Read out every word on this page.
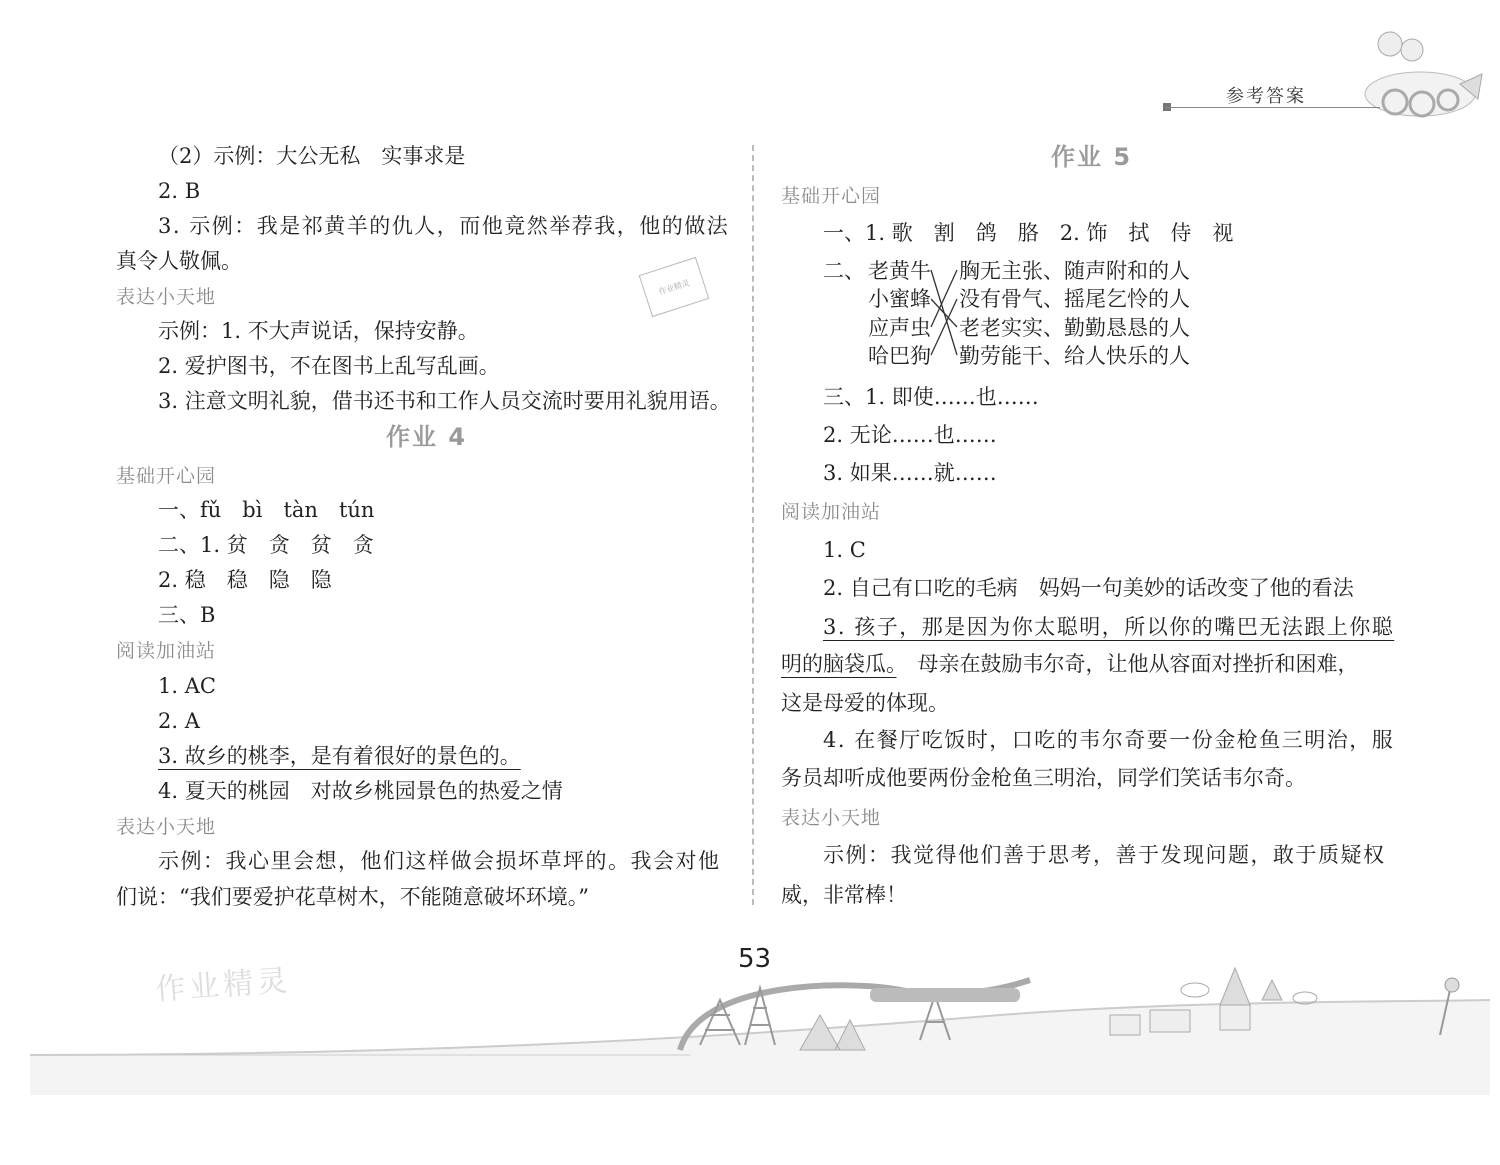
参考答案
作业精灵
（2）示例：大公无私　实事求是
2. B
3. 示例：我是祁黄羊的仇人，而他竟然举荐我，他的做法
真令人敬佩。
表达小天地
示例：1. 不大声说话，保持安静。
2. 爱护图书，不在图书上乱写乱画。
3. 注意文明礼貌，借书还书和工作人员交流时要用礼貌用语。
作业 4
基础开心园
一、fǔ　bì　tàn　tún
二、1. 贫　贪　贫　贪
2. 稳　稳　隐　隐
三、B
阅读加油站
1. AC
2. A
3. 故乡的桃李，是有着很好的景色的。
4. 夏天的桃园　对故乡桃园景色的热爱之情
表达小天地
示例：我心里会想，他们这样做会损坏草坪的。我会对他
们说：“我们要爱护花草树木，不能随意破坏环境。”
作业 5
基础开心园
一、1. 歌　割　鸽　胳　2. 饰　拭　侍　视
二、 老黄牛
小蜜蜂
应声虫
哈巴狗
胸无主张、随声附和的人
没有骨气、摇尾乞怜的人
老老实实、勤勤恳恳的人
勤劳能干、给人快乐的人
三、1. 即使……也……
2. 无论……也……
3. 如果……就……
阅读加油站
1. C
2. 自己有口吃的毛病　妈妈一句美妙的话改变了他的看法
3. 孩子，那是因为你太聪明，所以你的嘴巴无法跟上你聪
明的脑袋瓜。　母亲在鼓励韦尔奇，让他从容面对挫折和困难，
这是母爱的体现。
4. 在餐厅吃饭时，口吃的韦尔奇要一份金枪鱼三明治，服
务员却听成他要两份金枪鱼三明治，同学们笑话韦尔奇。
表达小天地
示例：我觉得他们善于思考，善于发现问题，敢于质疑权
威，非常棒！
53
作业精灵
